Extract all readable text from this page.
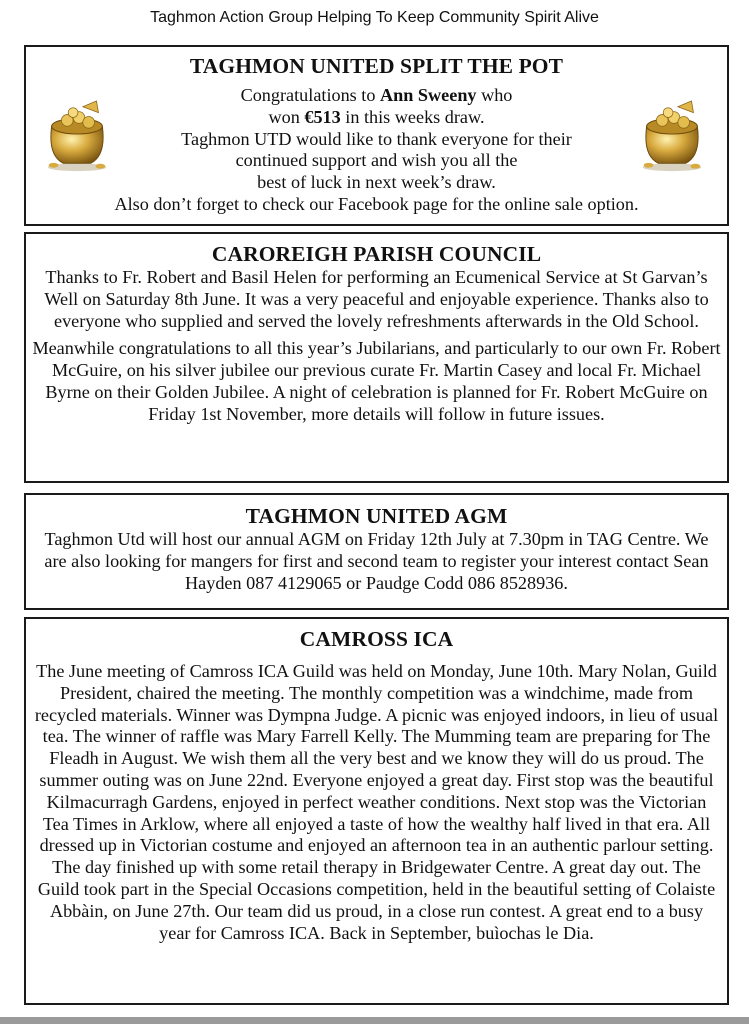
Taghmon Action Group Helping To Keep Community Spirit Alive
TAGHMON UNITED SPLIT THE POT

Congratulations to Ann Sweeny who

won €513 in this weeks draw.

Taghmon UTD would like to thank everyone for their

continued support and wish you all the

best of luck in next week’s draw.

Also don’t forget to check our Facebook page for the online sale option.

CAROREIGH PARISH COUNCIL

Thanks to Fr. Robert and Basil Helen for performing an Ecumenical Service at St Garvan’s Well on Saturday 8th June. It was a very peaceful and enjoyable experience. Thanks also to everyone who supplied and served the lovely refreshments afterwards in the Old School.

Meanwhile congratulations to all this year’s Jubilarians, and particularly to our own Fr. Robert McGuire, on his silver jubilee our previous curate Fr. Martin Casey and local Fr. Michael Byrne on their Golden Jubilee. A night of celebration is planned for Fr. Robert McGuire on Friday 1st November, more details will follow in future issues.

TAGHMON UNITED AGM

Taghmon Utd will host our annual AGM on Friday 12th July at 7.30pm in TAG Centre. We are also looking for mangers for first and second team to register your interest contact Sean Hayden 087 4129065 or Paudge Codd 086 8528936.

CAMROSS ICA

The June meeting of Camross ICA Guild was held on Monday, June 10th. Mary Nolan, Guild President, chaired the meeting. The monthly competition was a windchime, made from recycled materials. Winner was Dympna Judge. A picnic was enjoyed indoors, in lieu of usual tea. The winner of raffle was Mary Farrell Kelly. The Mumming team are preparing for The Fleadh in August. We wish them all the very best and we know they will do us proud. The summer outing was on June 22nd. Everyone enjoyed a great day. First stop was the beautiful Kilmacurragh Gardens, enjoyed in perfect weather conditions. Next stop was the Victorian Tea Times in Arklow, where all enjoyed a taste of how the wealthy half lived in that era. All dressed up in Victorian costume and enjoyed an afternoon tea in an authentic parlour setting. The day finished up with some retail therapy in Bridgewater Centre. A great day out. The Guild took part in the Special Occasions competition, held in the beautiful setting of Colaiste Abbàin, on June 27th. Our team did us proud, in a close run contest. A great end to a busy year for Camross ICA. Back in September, buìochas le Dia.
